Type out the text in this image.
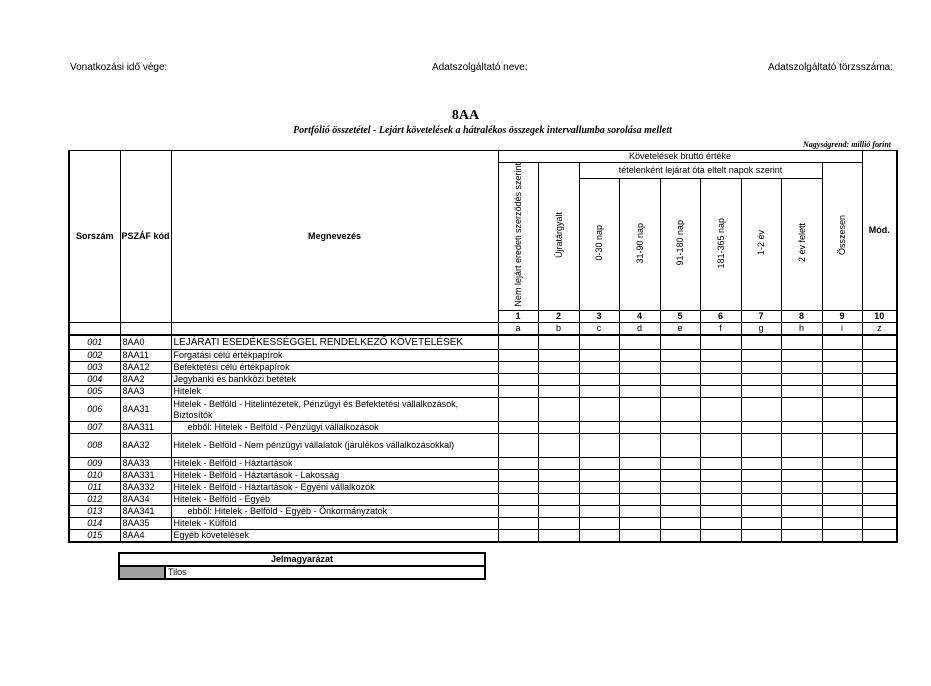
Vonatkozási idő vége:	Adatszolgáltató neve:	Adatszolgáltató törzsszáma:
8AA
Portfólió összetétel - Lejárt követelések a hátralékos összegek intervallumba sorolása mellett
Nagyságrend: millió forint
Sorszám	PSZÁF kód	Megnevezés	Követelések bruttó értéke									Mód.
			Nem lejárt eredeti szerződés szerint	Újratárgyalt	tételenként lejárat óta eltelt napok szerint						Összesen	
					0-30 nap	31-90 nap	91-180 nap	181-365 nap	1-2 év	2 év felett		
			1	2	3	4	5	6	7	8	9	10
			a	b	c	d	e	f	g	h	i	z
001	8AA0	LEJÁRATI ESEDÉKESSÉGGEL RENDELKEZŐ KÖVETELÉSEK										
002	8AA11	Forgatási célú értékpapírok										
003	8AA12	Befektetési célú értékpapírok										
004	8AA2	Jegybanki és bankközi betétek										
005	8AA3	Hitelek										
006	8AA31	Hitelek - Belföld - Hitelintézetek, Pénzügyi és Befektetési vállalkozások, Biztosítók										
007	8AA311	ebből: Hitelek - Belföld - Pénzügyi vállalkozások										
008	8AA32	Hitelek - Belföld - Nem pénzügyi vállalatok (járulékos vállalkozásokkal)										
009	8AA33	Hitelek - Belföld - Háztartások										
010	8AA331	Hitelek - Belföld - Háztartások - Lakosság										
011	8AA332	Hitelek - Belföld - Háztartások - Egyéni vállalkozók										
012	8AA34	Hitelek - Belföld - Egyéb										
013	8AA341	ebből: Hitelek - Belföld - Egyéb - Önkormányzatok										
014	8AA35	Hitelek - Külföld										
015	8AA4	Egyéb követelések										
Jelmagyarázat
	Tilos
